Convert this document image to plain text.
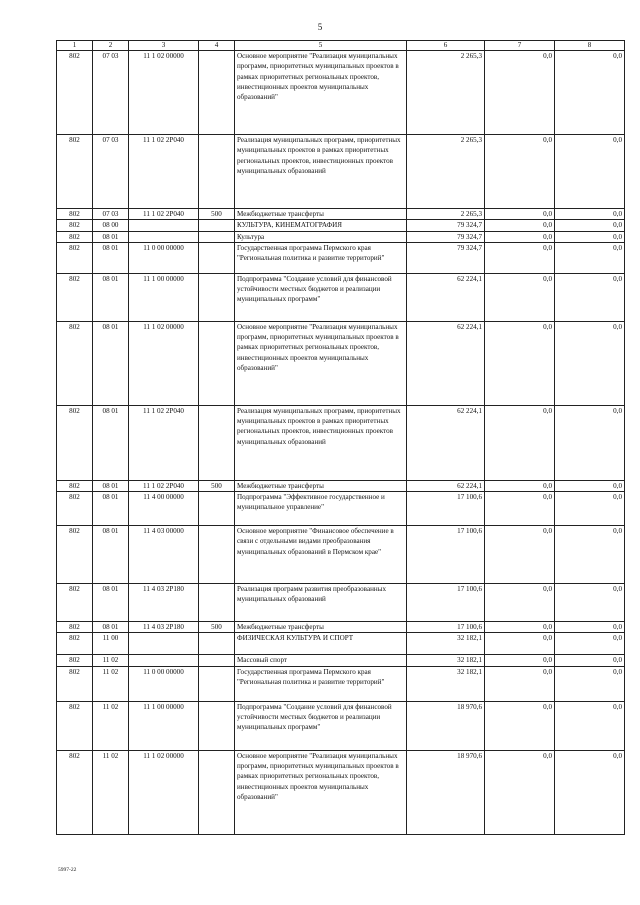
5
1	2	3	4	5	6	7	8
802	07 03	11 1 02 00000		Основное мероприятие "Реализация муниципальных программ, приоритетных муниципальных проектов в рамках приоритетных региональных проектов, инвестиционных проектов муниципальных образований"	2 265,3	0,0	0,0
802	07 03	11 1 02 2P040		Реализация муниципальных программ, приоритетных муниципальных проектов в рамках приоритетных региональных проектов, инвестиционных проектов муниципальных образований	2 265,3	0,0	0,0
802	07 03	11 1 02 2P040	500	Межбюджетные трансферты	2 265,3	0,0	0,0
802	08 00			КУЛЬТУРА, КИНЕМАТОГРАФИЯ	79 324,7	0,0	0,0
802	08 01			Культура	79 324,7	0,0	0,0
802	08 01	11 0 00 00000		Государственная программа Пермского края "Региональная политика и развитие территорий"	79 324,7	0,0	0,0
802	08 01	11 1 00 00000		Подпрограмма "Создание условий для финансовой устойчивости местных бюджетов и реализации муниципальных программ"	62 224,1	0,0	0,0
802	08 01	11 1 02 00000		Основное мероприятие "Реализация муниципальных программ, приоритетных муниципальных проектов в рамках приоритетных региональных проектов, инвестиционных проектов муниципальных образований"	62 224,1	0,0	0,0
802	08 01	11 1 02 2P040		Реализация муниципальных программ, приоритетных муниципальных проектов в рамках приоритетных региональных проектов, инвестиционных проектов муниципальных образований	62 224,1	0,0	0,0
802	08 01	11 1 02 2P040	500	Межбюджетные трансферты	62 224,1	0,0	0,0
802	08 01	11 4 00 00000		Подпрограмма "Эффективное государственное и муниципальное управление"	17 100,6	0,0	0,0
802	08 01	11 4 03 00000		Основное мероприятие "Финансовое обеспечение в связи с отдельными видами преобразования муниципальных образований в Пермском крае"	17 100,6	0,0	0,0
802	08 01	11 4 03 2P180		Реализация программ развития преобразованных муниципальных образований	17 100,6	0,0	0,0
802	08 01	11 4 03 2P180	500	Межбюджетные трансферты	17 100,6	0,0	0,0
802	11 00			ФИЗИЧЕСКАЯ КУЛЬТУРА И СПОРТ	32 182,1	0,0	0,0
802	11 02			Массовый спорт	32 182,1	0,0	0,0
802	11 02	11 0 00 00000		Государственная программа Пермского края "Региональная политика и развитие территорий"	32 182,1	0,0	0,0
802	11 02	11 1 00 00000		Подпрограмма "Создание условий для финансовой устойчивости местных бюджетов и реализации муниципальных программ"	18 970,6	0,0	0,0
802	11 02	11 1 02 00000		Основное мероприятие "Реализация муниципальных программ, приоритетных муниципальных проектов в рамках приоритетных региональных проектов, инвестиционных проектов муниципальных образований"	18 970,6	0,0	0,0
5997-22
